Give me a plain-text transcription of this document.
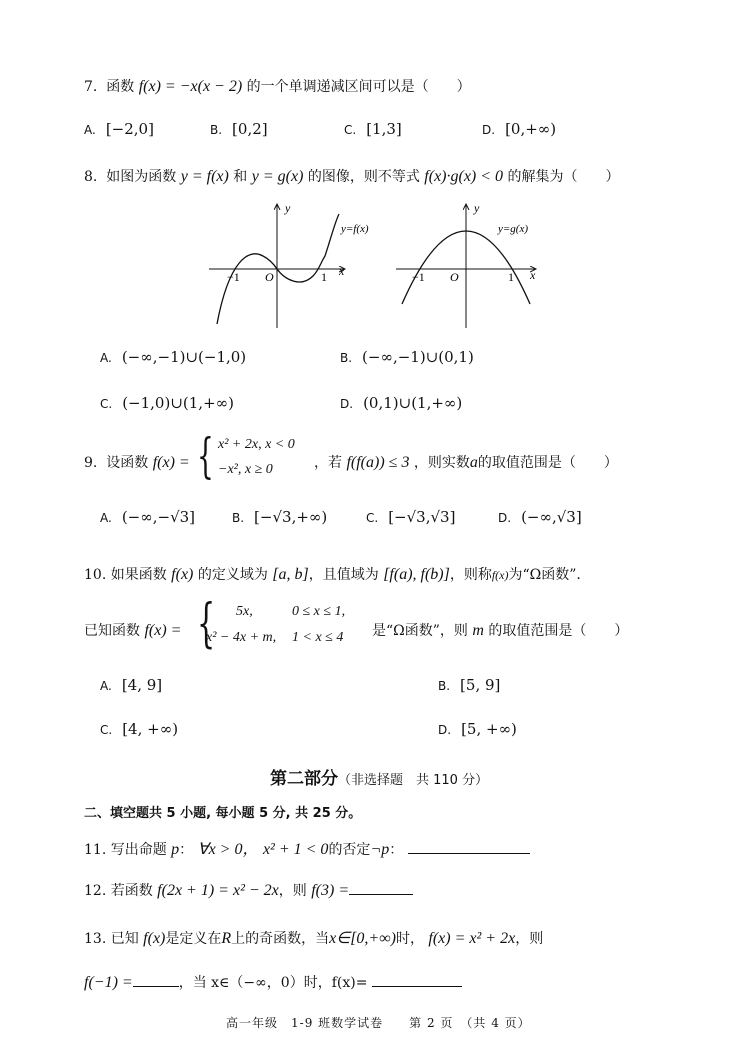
7. 函数 f(x) = −x(x − 2) 的一个单调递减区间可以是（　　）
A. [−2,0]	B. [0,2]	C. [1,3]	D. [0,+∞)
8. 如图为函数 y = f(x) 和 y = g(x) 的图像，则不等式 f(x)·g(x) < 0 的解集为（　　）
y
x
O
−1	1
y=f(x)
y
x
O
−1	1
y=g(x)
A. (−∞,−1)∪(−1,0)	B. (−∞,−1)∪(0,1)
C. (−1,0)∪(1,+∞)	D. (0,1)∪(1,+∞)
9. 设函数 f(x) = { x² + 2x, x < 0
−x², x ≥ 0	，若 f(f(a)) ≤ 3 ，则实数a的取值范围是（　　）
A. (−∞,−√3]	B. [−√3,+∞)	C. [−√3,√3]	D. (−∞,√3]
10. 如果函数 f(x) 的定义域为 [a, b]，且值域为 [f(a), f(b)]，则称f(x)为“Ω函数”.
已知函数 f(x) = { 5x,	0 ≤ x ≤ 1,
x² − 4x + m, 1 < x ≤ 4 是“Ω函数”，则 m 的取值范围是（　　）
A. [4, 9]	B. [5, 9]
C. [4, +∞)	D. [5, +∞)
第二部分（非选择题　共 110 分）
二、填空题共 5 小题, 每小题 5 分, 共 25 分。
11. 写出命题 p： ∀x > 0， x² + 1 < 0的否定¬p：
12. 若函数 f(2x + 1) = x² − 2x，则 f(3) =
13. 已知 f(x)是定义在R上的奇函数，当x∈[0,+∞)时， f(x) = x² + 2x，则
f(−1) =	，当 x∈（−∞，0）时，f(x)=
高一年级　1-9 班数学试卷　　第 2 页　（共 4 页）
